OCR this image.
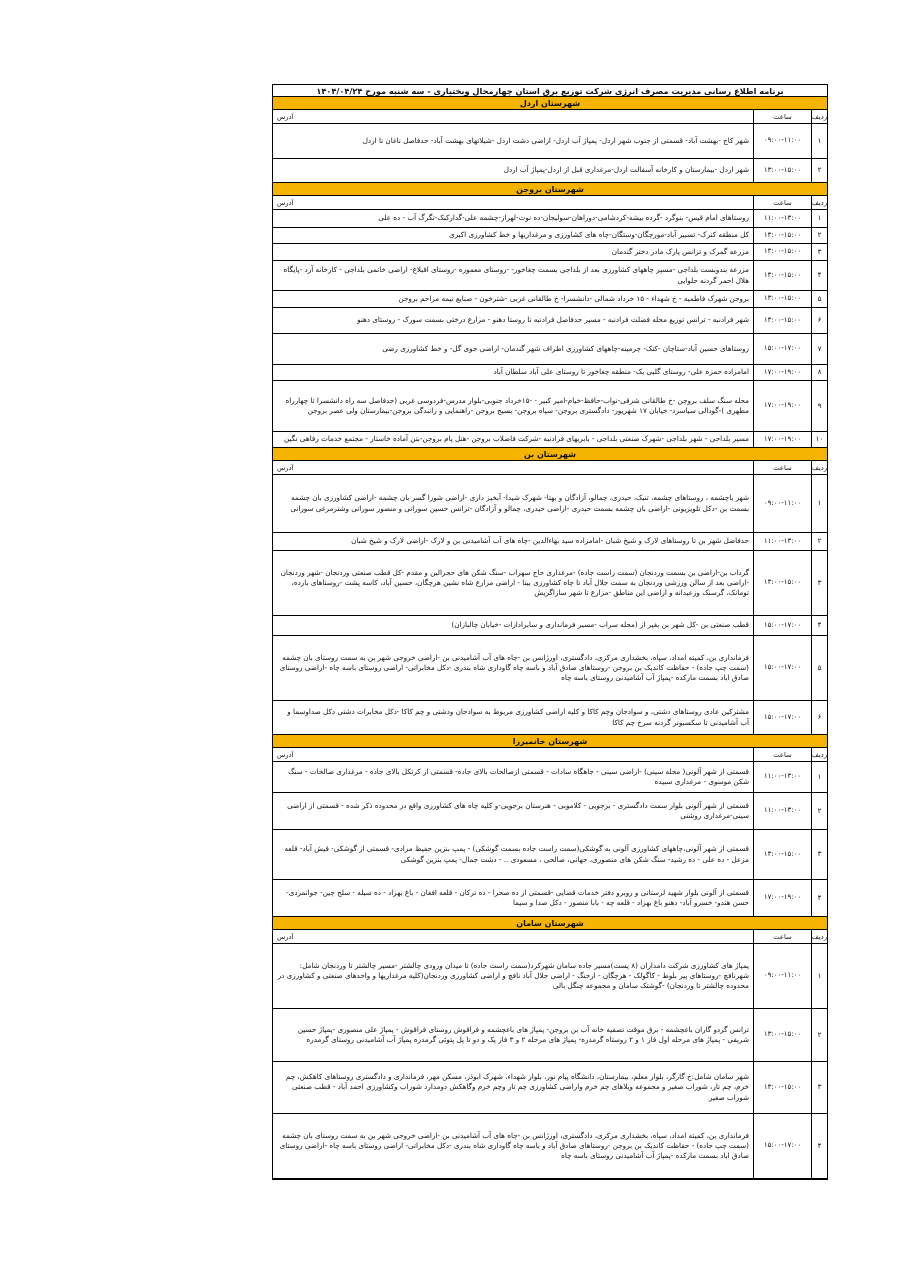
برنامه اطلاع رسانی مدیریت مصرف انرژی شرکت توزیع برق استان چهارمحال وبختیاری - سه شنبه مورخ ۱۴۰۴/۰۴/۲۴
شهرستان اردل
ردیف
ساعت
آدرس
۱
۰۹:۰۰-۱۱:۰۰
شهر کاج -بهشت آباد- قسمتی از جنوب شهر اردل- پمپاژ آب اردل- اراضی دشت اردل -شیلاتهای بهشت آباد- حدفاصل ناغان تا اردل
۲
۱۳:۰۰-۱۵:۰۰
شهر اردل -بیمارستان و کارخانه آسفالت اردل-مرغداری قبل از اردل-پمپاژ آب اردل
شهرستان بروجن
ردیف
ساعت
آدرس
۱
۱۱:۰۰-۱۳:۰۰
روستاهای امام قیس- بنوگرد -گرده بیشه-کردشامی-دوراهان-سولیجان-ده نوت-لهراز-چشمه علی-گدارکبک-تگرگ آب - ده علی
۲
۱۳:۰۰-۱۵:۰۰
کل منطقه کنرک- تسبیر آباد-مورچگان-وستگان-چاه های کشاورزی و مرغداریها و خط کشاورزی اکبری
۳
۱۳:۰۰-۱۵:۰۰
مزرعه گمرک و ترانس پارک مادر دختر گندمان
۴
۱۳:۰۰-۱۵:۰۰
مزرعه بندوبست بلداجی -مسیر چاههای کشاورزی بعد از بلداجی بسمت چغاخور- -روستای معموره -روستای اقبلاغ- اراضی خاتمی بلداجی - کارخانه آرد -پایگاه هلال احمر گردنه حلوایی
۵
۱۳:۰۰-۱۵:۰۰
بروجن شهرک فاطمیه - خ شهداء - ۱۵ خرداد شمالی -دانشسرا- خ طالقانی غربی -شترخون - صنایع نیمه مزاحم بروجن
۶
۱۳:۰۰-۱۵:۰۰
شهر فرادنبه - ترانس توزیع محله فضلت فرادنبه - مسیر حدفاصل فرادنبه تا روستا دهنو - مزارع درختی بسمت سورک - روستای دهنو
۷
۱۵:۰۰-۱۷:۰۰
روستاهای حسین آباد-ستاچان -کنک- چرمینه-چاههای کشاورزی اطراف شهر گندمان- اراضی جوی گل- و خط کشاورزی رضی
۸
۱۷:۰۰-۱۹:۰۰
امامزاده حمزه علی- روستای گلیی بک- منطقه چغاخور تا روستای علی آباد سلطان آباد
۹
۱۷:۰۰-۱۹:۰۰
محله سنگ سلف بروجن -خ طالقانی شرقی-نواب-حافظ-خیام-امیر کبیر - -۱۵خرداد جنوبی-بلوار مدرس-فردوسی غربی (حدفاصل سه راه دانشسرا تا چهارراه مطهری )-گودالی سیاسرد- خیابان ۱۷ شهریور- دادگستری بروجن- سپاه بروجن- بسیج بروجن -راهنمایی و رانندگی بروجن-بیمارستان ولی عصر بروجن
۱۰
۱۷:۰۰-۱۹:۰۰
مسیر بلداجی - شهر بلداجی -شهرک صنعتی بلداجی - بابریهای فرادنبه -شرکت فاضلاب بروجن -هتل پام بروجن-بتن آماده خاستار - مجتمع خدمات رفاهی نگین
شهرستان بن
ردیف
ساعت
آدرس
۱
۰۹:۰۰-۱۱:۰۰
شهر باچشمه ، روستاهای چشمه، تنبک، حیدری، چمالو، آزادگان و بهتا- شهرک شیدا- آبخیز داری -اراضی شورا گسر بان چشمه -اراضی کشاورزی بان چشمه بسمت بن -دکل تلویزیونی -اراضی بان چشمه بسمت حیدری -اراضی حیدری، چمالو و آزادگان -ترانس حسین سورانی و منصور سورانی وشترمرغی سورانی
۲
۱۱:۰۰-۱۳:۰۰
حدفاصل شهر بن تا روستاهای لارک و شیخ شبان -امامزاده سید بهاءالدین -چاه های آب آشامیدنی بن و لارک -اراضی لارک و شیخ شبان
۳
۱۳:۰۰-۱۵:۰۰
گرداب بن-اراضی بن بسمت وردنجان (سمت راست جاده) -مرغداری حاج سهراب -سنگ شکن های حجرالبن و مقدم -کل قطب صنعتی وردنجان -شهر وردنجان -اراضی بعد از سالن ورزشی وردنجان به سمت جلال آباد تا چاه کشاورزی بینا - اراضی مزارع شاه نشین هرچگان، حسین آباد، کاسه پشت -روستاهای بارده، تومانک، گرسنک وزعیدانه و اراضی این مناطق -مزارع تا شهر سازاگریش
۴
۱۵:۰۰-۱۷:۰۰
قطب صنعتی بن -کل شهر بن بغیر از (محله سراب -مسیر فرمانداری و سابرادارات -خیابان چالبازان)
۵
۱۵:۰۰-۱۷:۰۰
فرمانداری بن، کمیته امداد، سپاه، بخشداری مرکزی، دادگستری، اورژانس بن -چاه های آب آشامیدنی بن -اراضی خروجی شهر بن به سمت روستای بان چشمه (سمت چپ جاده) - حفاظت کاندیک بن بروجن -روستاهای صادق آباد و باسه چاه گاوداری شاه بندری -دکل مخابراتی- اراضی روستای باسه چاه -اراضی روستای صادق اباد بسمت مارکده -پمپاژ آب آشامیدنی روستای باسه چاه
۶
۱۵:۰۰-۱۷:۰۰
مشترکین عادی روستاهای دشتی، و سوادجان وچم کاکا و کلیه اراضی کشاورزی مربوط به سوادجان ودشتی و چم کاکا -دکل مخابرات دشتی دکل صداوسما و آب آشامیدنی تا سکسبونر گردنه سرخ چم کاکا
شهرستان خانمیرزا
ردیف
ساعت
آدرس
۱
۱۱:۰۰-۱۳:۰۰
قسمتی از شهر آلونی( محله سینی) -اراضی سینی - جاهگاه سادات - قسمتی ازصالحات بالای جاده- قسمتی از کرتکل بالای جاده - مرغداری صالحات - سنگ شکن موسوی - مرغداری سبیده
۲
۱۱:۰۰-۱۳:۰۰
قسمتی از شهر آلونی بلوار سمت دادگستری - برجویی - کلاموبی - هنرستان برجویی-و کلیه چاه های کشاورزی واقع در محدوده ذکر شده - قسمتی از اراضی سینی-مرغداری روشنی
۳
۱۳:۰۰-۱۵:۰۰
قسمتی از شهر آلونی،چاههای کشاورزی آلونی به گوشکی(سمت راست جاده بسمت گوشکی) - پمپ بنزین حفیظ مرادی- قسمتی از گوشکی- قیش آباد- قلعه مزعل - ده علی - ده رشید- سنگ شکن های منصوری، جهانی، صالحی ، مسعودی .. - دشت جمال- پمپ بنزین گوشکی
۴
۱۷:۰۰-۱۹:۰۰
قسمتی از آلونی بلوار شهید لرستانی و روبرو دفتر خدمات قضایی -قسمتی از ده صحرا - ده ترکان - قلعه افغان - باغ بهزاد - ده سیله - سلح چین- جوانمردی- حسن هتدو- خسرو آباد- دهنو باغ بهزاد - قلعه چه - بابا منصور - دکل صدا و سیما
شهرستان سامان
ردیف
ساعت
آدرس
۱
۰۹:۰۰-۱۱:۰۰
پمپاژ های کشاورزی شرکت دامداران (۸ پست)مسیر جاده سامان شهرکرد(سمت راست جاده) تا میدان ورودی چالشتر -مسیر چالشتر تا وردنجان شامل: شهرنافچ -روستاهای پیر بلوط - کاگولک - هرچگان - ارجنگ - اراضی جلال آباد نافچ و اراضی کشاورزی وردنجان(کلیه مرغداریها و واحدهای صنعتی و کشاورزی در محدوده چالشتر تا وردنجان) -گوشتک سامان و مجموعه چنگل بالی
۲
۱۳:۰۰-۱۵:۰۰
ترانس گردو گاران باغچشمه - برق موقت تصفیه خانه آب بن بروجن- پمپاژ های باغچشمه و فراقوش روستای فراقوش - پمپاژ علی منصوری -پمپاژ حسین شریفی - پمپاژ های مرحله اول فاز ۱ و ۲ روستاه گرمدره- پمپاژ های مرحله ۲ و ۳ فاز یک و دو تا پل پتوئی گرمدره پمپاژ آب آشامیدنی روستای گرمدره
۳
۱۳:۰۰-۱۵:۰۰
شهر سامان شامل:خ گارگر، بلوار معلم، بیمارستان، دانشگاه پیام نور، بلوار شهداء، شهرک ابوذر، مسکن مهر، فرمانداری و دادگستری روستاهای کاهکش، چم خرم، چم تار، شوراب صغیر و مجموعه ویلاهای چم خرم واراضی کشاورزی چم تار وچم خرم وگاهکش دومدارد شوراب وکشاورزی احمد آباد - قطب صنعتی شوراب صغیر
۴
۱۵:۰۰-۱۷:۰۰
فرمانداری بن، کمیته امداد، سپاه، بخشداری مرکزی، دادگستری، اورژانس بن -چاه های آب آشامیدنی بن -اراضی خروجی شهر بن به سمت روستای بان چشمه (سمت چپ جاده) - حفاظت کاندیک بن بروجن -روستاهای صادق آباد و باسه چاه گاوداری شاه بندری -دکل مخابراتی- اراضی روستای باسه چاه -اراضی روستای صادق اباد بسمت مارکده -پمپاژ آب آشامیدنی روستای باسه چاه
